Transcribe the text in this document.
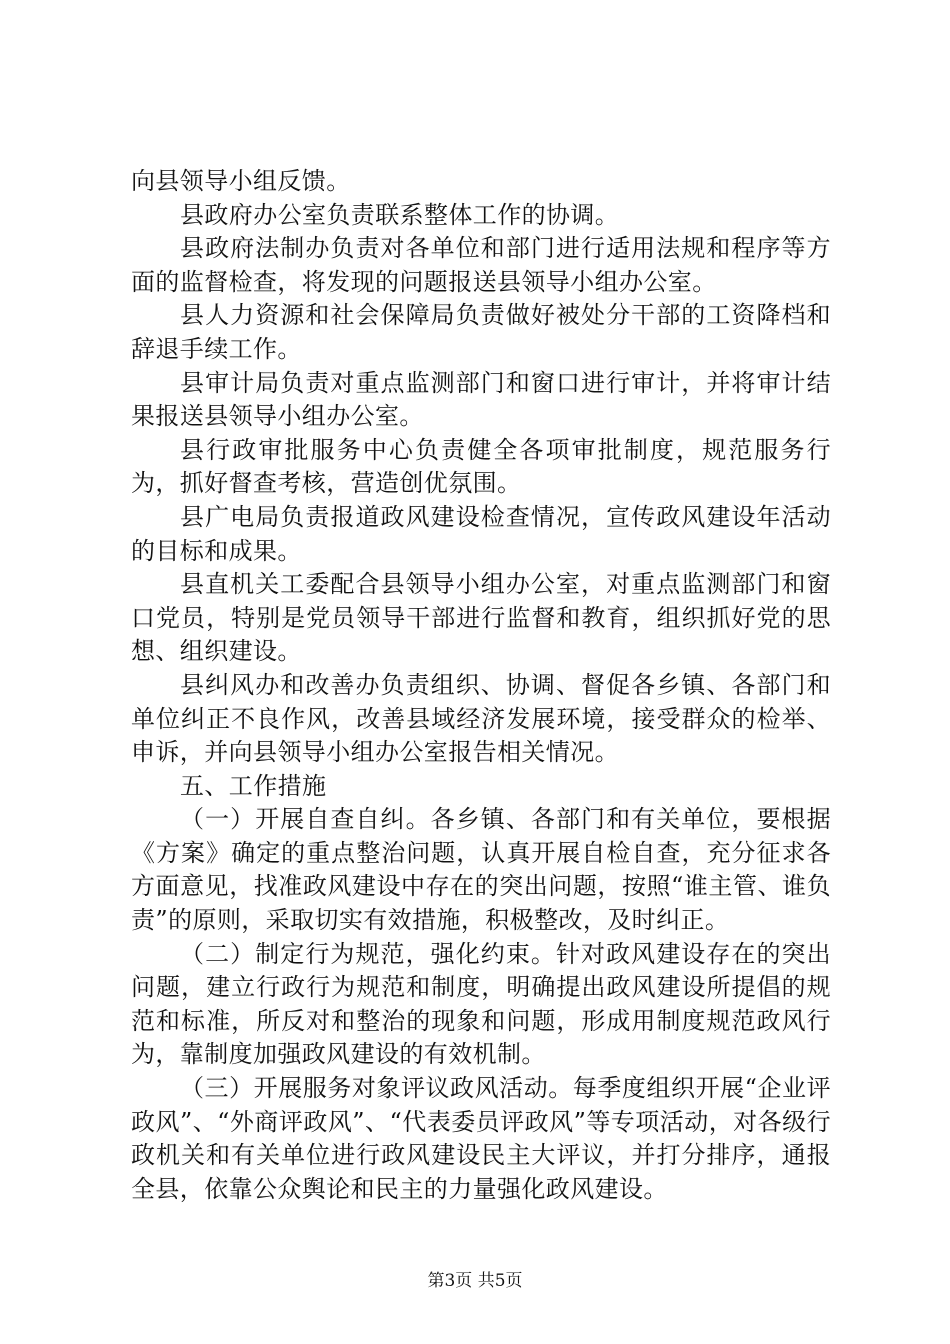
向县领导小组反馈。

县政府办公室负责联系整体工作的协调。

县政府法制办负责对各单位和部门进行适用法规和程序等方面的监督检查，将发现的问题报送县领导小组办公室。

县人力资源和社会保障局负责做好被处分干部的工资降档和辞退手续工作。

县审计局负责对重点监测部门和窗口进行审计，并将审计结果报送县领导小组办公室。

县行政审批服务中心负责健全各项审批制度，规范服务行为，抓好督查考核，营造创优氛围。

县广电局负责报道政风建设检查情况，宣传政风建设年活动的目标和成果。

县直机关工委配合县领导小组办公室，对重点监测部门和窗口党员，特别是党员领导干部进行监督和教育，组织抓好党的思想、组织建设。

县纠风办和改善办负责组织、协调、督促各乡镇、各部门和单位纠正不良作风，改善县域经济发展环境，接受群众的检举、申诉，并向县领导小组办公室报告相关情况。

五、工作措施

（一）开展自查自纠。各乡镇、各部门和有关单位，要根据《方案》确定的重点整治问题，认真开展自检自查，充分征求各方面意见，找准政风建设中存在的突出问题，按照“谁主管、谁负责”的原则，采取切实有效措施，积极整改，及时纠正。

（二）制定行为规范，强化约束。针对政风建设存在的突出问题，建立行政行为规范和制度，明确提出政风建设所提倡的规范和标准，所反对和整治的现象和问题，形成用制度规范政风行为，靠制度加强政风建设的有效机制。

（三）开展服务对象评议政风活动。每季度组织开展“企业评政风”、“外商评政风”、“代表委员评政风”等专项活动，对各级行政机关和有关单位进行政风建设民主大评议，并打分排序，通报全县，依靠公众舆论和民主的力量强化政风建设。

第3页 共5页
